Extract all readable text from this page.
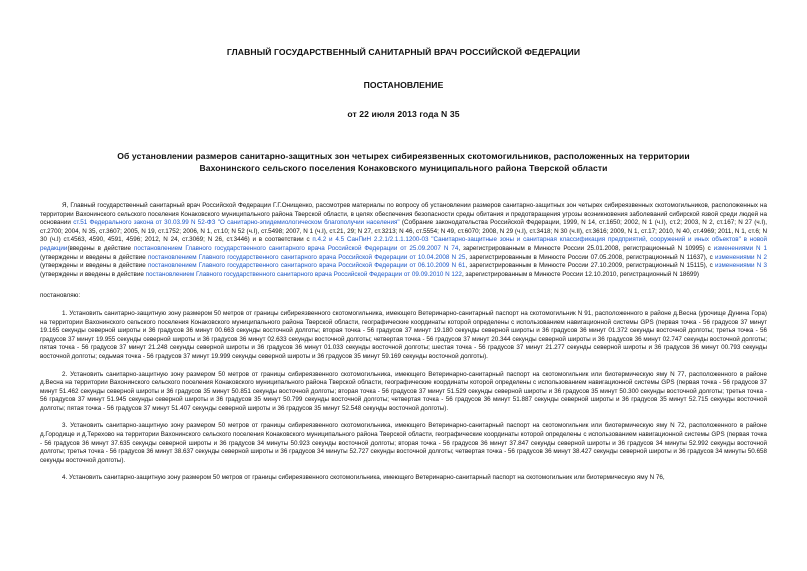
ГЛАВНЫЙ ГОСУДАРСТВЕННЫЙ САНИТАРНЫЙ ВРАЧ РОССИЙСКОЙ ФЕДЕРАЦИИ
ПОСТАНОВЛЕНИЕ
от 22 июля 2013 года N 35
Об установлении размеров санитарно-защитных зон четырех сибиреязвенных скотомогильников, расположенных на территории Вахонинского сельского поселения Конаковского муниципального района Тверской области
Я, Главный государственный санитарный врач Российской Федерации Г.Г.Онищенко, рассмотрев материалы по вопросу об установлении размеров санитарно-защитных зон четырех сибиреязвенных скотомогильников, расположенных на территории Вахонинского сельского поселения Конаковского муниципального района Тверской области, в целях обеспечения безопасности среды обитания и предотвращения угрозы возникновения заболеваний сибирской язвой среди людей на основании ст.51 Федерального закона от 30.03.99 N 52-ФЗ "О санитарно-эпидемиологическом благополучии населения" (Собрание законодательства Российской Федерации, 1999, N 14, ст.1650; 2002, N 1 (ч.I), ст.2; 2003, N 2, ст.167; N 27 (ч.I), ст.2700; 2004, N 35, ст.3607; 2005, N 19, ст.1752; 2006, N 1, ст.10; N 52 (ч.I), ст.5498; 2007, N 1 (ч.I), ст.21, 29; N 27, ст.3213; N 46, ст.5554; N 49, ст.6070; 2008, N 29 (ч.I), ст.3418; N 30 (ч.II), ст.3616; 2009, N 1, ст.17; 2010, N 40, ст.4969; 2011, N 1, ст.6; N 30 (ч.I) ст.4563, 4590, 4591, 4596; 2012, N 24, ст.3069; N 26, ст.3446) и в соответствии с п.4.2 и 4.5 СанПиН 2.2.1/2.1.1.1200-03 "Санитарно-защитные зоны и санитарная классификация предприятий, сооружений и иных объектов" в новой редакции(введены в действие постановлением Главного государственного санитарного врача Российской Федерации от 25.09.2007 N 74, зарегистрированным в Минюсте России 25.01.2008, регистрационный N 10995) с изменениями N 1 (утверждены и введены в действие постановлением Главного государственного санитарного врача Российской Федерации от 10.04.2008 N 25, зарегистрированным в Минюсте России 07.05.2008, регистрационный N 11637), с изменениями N 2 (утверждены и введены в действие постановлением Главного государственного санитарного врача Российской Федерации от 06.10.2009 N 61, зарегистрированным в Минюсте России 27.10.2009, регистрационный N 15115), с изменениями N 3 (утверждены и введены в действие постановлением Главного государственного санитарного врача Российской Федерации от 09.09.2010 N 122, зарегистрированным в Минюсте России 12.10.2010, регистрационный N 18699)
постановляю:
1. Установить санитарно-защитную зону размером 50 метров от границы сибиреязвенного скотомогильника, имеющего Ветеринарно-санитарный паспорт на скотомогильник N 91, расположенного в районе д.Весна (урочище Дунина Гора) на территории Вахонинского сельского поселения Конаковского муниципального района Тверской области, географические координаты которой определены с использованием навигационной системы GPS (первая точка - 56 градусов 37 минут 19.165 секунды северной широты и 36 градусов 36 минут 00.663 секунды восточной долготы; вторая точка - 56 градусов 37 минут 19.180 секунды северной широты и 36 градусов 36 минут 01.372 секунды восточной долготы; третья точка - 56 градусов 37 минут 19.955 секунды северной широты и 36 градусов 36 минут 02.633 секунды восточной долготы; четвертая точка - 56 градусов 37 минут 20.344 секунды северной широты и 36 градусов 36 минут 02.747 секунды восточной долготы; пятая точка - 56 градусов 37 минут 21.248 секунды северной широты и 36 градусов 36 минут 01.033 секунды восточной долготы; шестая точка - 56 градусов 37 минут 21.277 секунды северной широты и 36 градусов 36 минут 00.793 секунды восточной долготы; седьмая точка - 56 градусов 37 минут 19.999 секунды северной широты и 36 градусов 35 минут 59.169 секунды восточной долготы).
2. Установить санитарно-защитную зону размером 50 метров от границы сибиреязвенного скотомогильника, имеющего Ветеринарно-санитарный паспорт на скотомогильник или биотермическую яму N 77, расположенного в районе д.Весна на территории Вахонинского сельского поселения Конаковского муниципального района Тверской области, географические координаты которой определены с использованием навигационной системы GPS (первая точка - 56 градусов 37 минут 51.462 секунды северной широты и 36 градусов 35 минут 50.851 секунды восточной долготы; вторая точка - 56 градусов 37 минут 51.529 секунды северной широты и 36 градусов 35 минут 50.300 секунды восточной долготы; третья точка - 56 градусов 37 минут 51.945 секунды северной широты и 36 градусов 35 минут 50.799 секунды восточной долготы; четвертая точка - 56 градусов 36 минут 51.887 секунды северной широты и 36 градусов 35 минут 52.715 секунды восточной долготы; пятая точка - 56 градусов 37 минут 51.407 секунды северной широты и 36 градусов 35 минут 52.548 секунды восточной долготы).
3. Установить санитарно-защитную зону размером 50 метров от границы сибиреязвенного скотомогильника, имеющего Ветеринарно-санитарный паспорт на скотомогильник или биотермическую яму N 72, расположенного в районе д.Городище и д.Терехово на территории Вахонинского сельского поселения Конаковского муниципального района Тверской области, географические координаты которой определены с использованием навигационной системы GPS (первая точка - 56 градусов 36 минут 37.635 секунды северной широты и 36 градусов 34 минуты 50.923 секунды восточной долготы; вторая точка - 56 градусов 36 минут 37.847 секунды северной широты и 36 градусов 34 минуты 52.992 секунды восточной долготы; третья точка - 56 градусов 36 минут 38.637 секунды северной широты и 36 градусов 34 минуты 52.727 секунды восточной долготы; четвертая точка - 56 градусов 36 минут 38.427 секунды северной широты и 36 градусов 34 минуты 50.658 секунды восточной долготы).
4. Установить санитарно-защитную зону размером 50 метров от границы сибиреязвенного скотомогильника, имеющего Ветеринарно-санитарный паспорт на скотомогильник или биотермическую яму N 76,
